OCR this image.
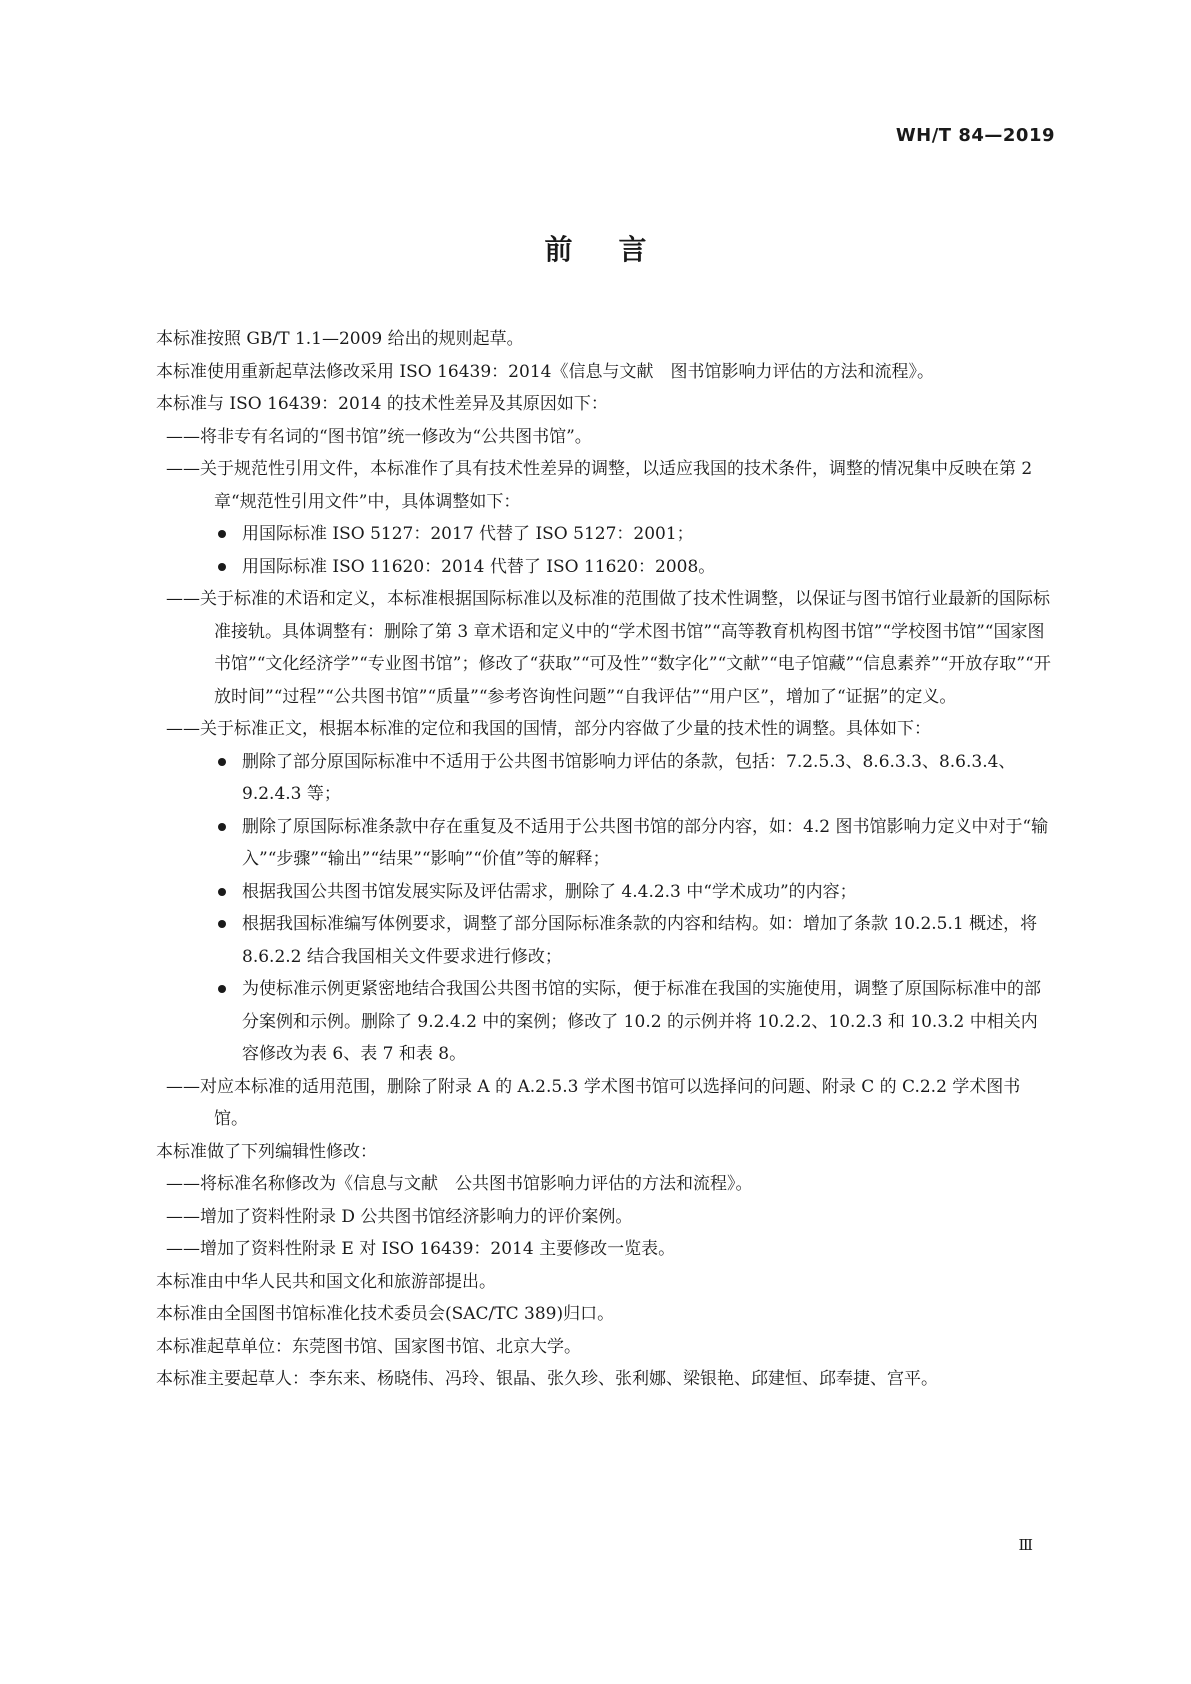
WH/T 84—2019
前言

本标准按照 GB/T 1.1—2009 给出的规则起草。

本标准使用重新起草法修改采用 ISO 16439：2014《信息与文献　图书馆影响力评估的方法和流程》。

本标准与 ISO 16439：2014 的技术性差异及其原因如下：

——将非专有名词的“图书馆”统一修改为“公共图书馆”。

——关于规范性引用文件，本标准作了具有技术性差异的调整，以适应我国的技术条件，调整的情况集中反映在第 2 章“规范性引用文件”中，具体调整如下：

用国际标准 ISO 5127：2017 代替了 ISO 5127：2001；

用国际标准 ISO 11620：2014 代替了 ISO 11620：2008。

——关于标准的术语和定义，本标准根据国际标准以及标准的范围做了技术性调整，以保证与图书馆行业最新的国际标准接轨。具体调整有：删除了第 3 章术语和定义中的“学术图书馆”“高等教育机构图书馆”“学校图书馆”“国家图书馆”“文化经济学”“专业图书馆”；修改了“获取”“可及性”“数字化”“文献”“电子馆藏”“信息素养”“开放存取”“开放时间”“过程”“公共图书馆”“质量”“参考咨询性问题”“自我评估”“用户区”，增加了“证据”的定义。

——关于标准正文，根据本标准的定位和我国的国情，部分内容做了少量的技术性的调整。具体如下：

删除了部分原国际标准中不适用于公共图书馆影响力评估的条款，包括：7.2.5.3、8.6.3.3、8.6.3.4、9.2.4.3 等；

删除了原国际标准条款中存在重复及不适用于公共图书馆的部分内容，如：4.2 图书馆影响力定义中对于“输入”“步骤”“输出”“结果”“影响”“价值”等的解释；

根据我国公共图书馆发展实际及评估需求，删除了 4.4.2.3 中“学术成功”的内容；

根据我国标准编写体例要求，调整了部分国际标准条款的内容和结构。如：增加了条款 10.2.5.1 概述，将 8.6.2.2 结合我国相关文件要求进行修改；

为使标准示例更紧密地结合我国公共图书馆的实际，便于标准在我国的实施使用，调整了原国际标准中的部分案例和示例。删除了 9.2.4.2 中的案例；修改了 10.2 的示例并将 10.2.2、10.2.3 和 10.3.2 中相关内容修改为表 6、表 7 和表 8。

——对应本标准的适用范围，删除了附录 A 的 A.2.5.3 学术图书馆可以选择问的问题、附录 C 的 C.2.2 学术图书馆。

本标准做了下列编辑性修改：

——将标准名称修改为《信息与文献　公共图书馆影响力评估的方法和流程》。

——增加了资料性附录 D 公共图书馆经济影响力的评价案例。

——增加了资料性附录 E 对 ISO 16439：2014 主要修改一览表。

本标准由中华人民共和国文化和旅游部提出。

本标准由全国图书馆标准化技术委员会(SAC/TC 389)归口。

本标准起草单位：东莞图书馆、国家图书馆、北京大学。

本标准主要起草人：李东来、杨晓伟、冯玲、银晶、张久珍、张利娜、梁银艳、邱建恒、邱奉捷、宫平。

Ⅲ
